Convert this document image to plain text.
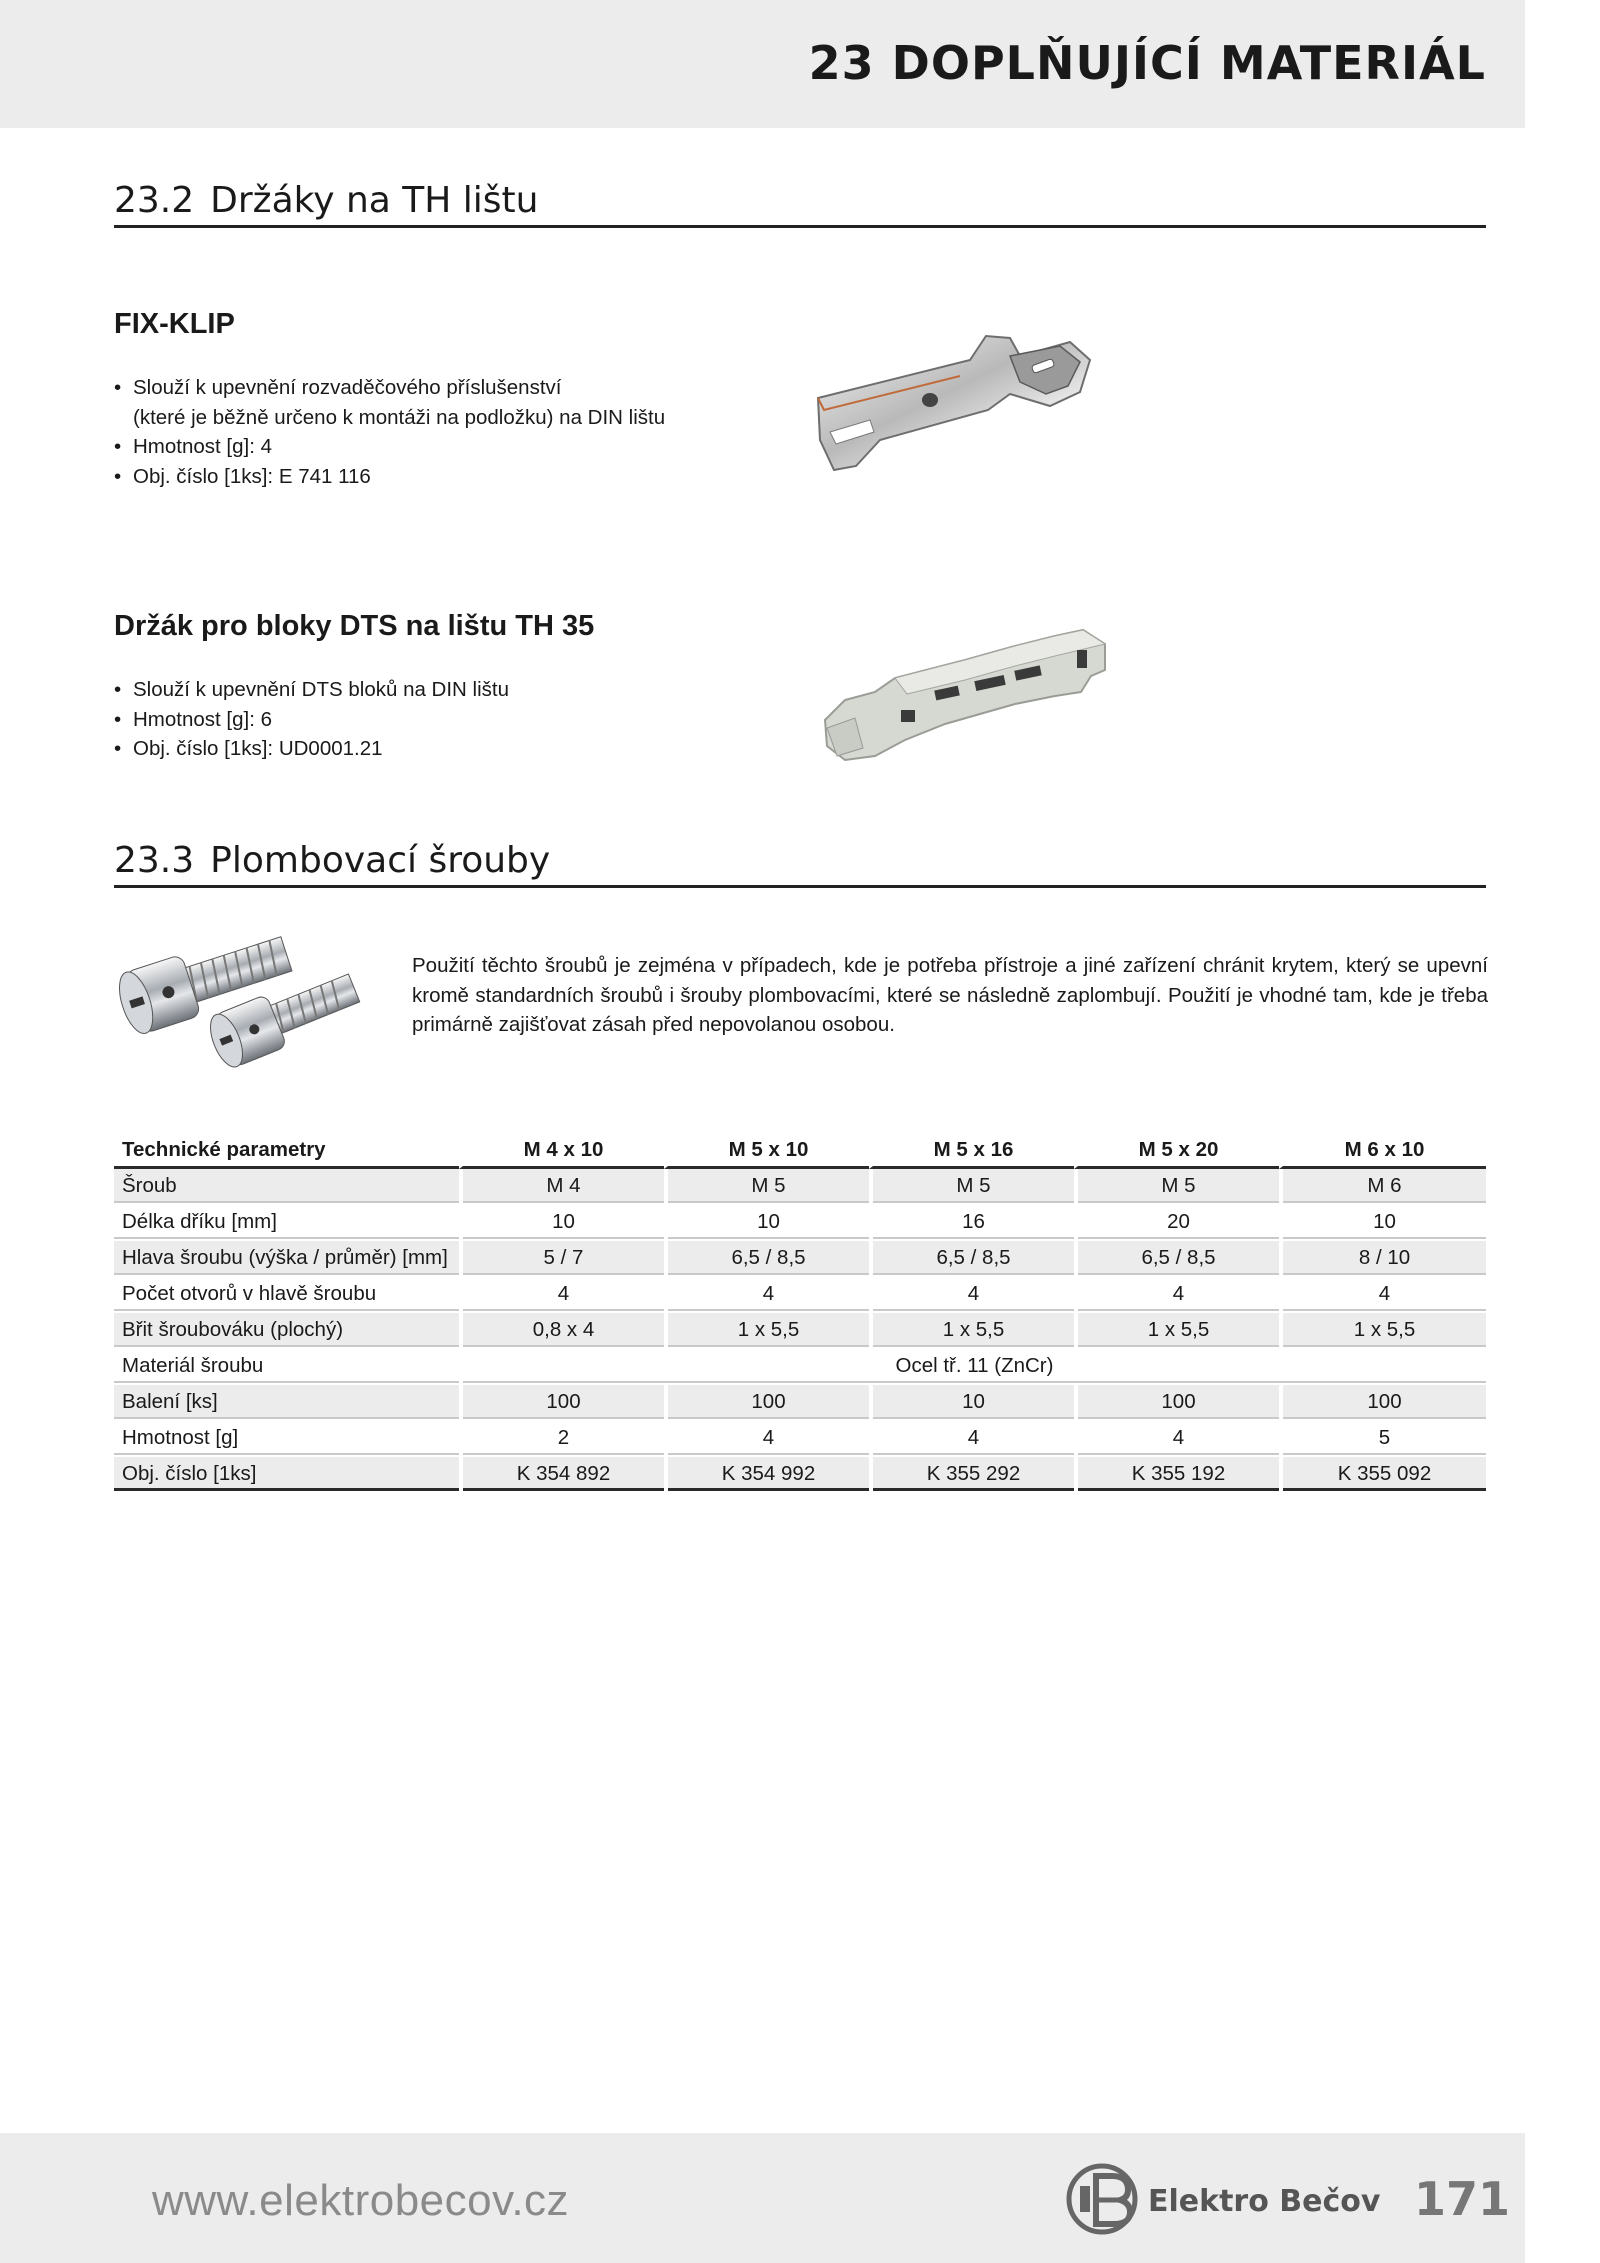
23 DOPLŇUJÍCÍ MATERIÁL
23.2 Držáky na TH lištu
FIX-KLIP
• Slouží k upevnění rozvaděčového příslušenství
(které je běžně určeno k montáži na podložku) na DIN lištu
• Hmotnost [g]: 4
• Obj. číslo [1ks]: E 741 116
Držák pro bloky DTS na lištu TH 35
• Slouží k upevnění DTS bloků na DIN lištu
• Hmotnost [g]: 6
• Obj. číslo [1ks]: UD0001.21
23.3 Plombovací šrouby
Použití těchto šroubů je zejména v případech, kde je potřeba přístroje a jiné zařízení chránit krytem, který se upevní kromě standardních šroubů i šrouby plombovacími, které se následně zaplombují. Použití je vhodné tam, kde je třeba primárně zajišťovat zásah před nepovolanou osobou.
Technické parametry	M 4 x 10	M 5 x 10	M 5 x 16	M 5 x 20	M 6 x 10
Šroub	M 4	M 5	M 5	M 5	M 6
Délka dříku [mm]	10	10	16	20	10
Hlava šroubu (výška / průměr) [mm]	5 / 7	6,5 / 8,5	6,5 / 8,5	6,5 / 8,5	8 / 10
Počet otvorů v hlavě šroubu	4	4	4	4	4
Břit šroubováku (plochý)	0,8 x 4	1 x 5,5	1 x 5,5	1 x 5,5	1 x 5,5
Materiál šroubu	Ocel tř. 11 (ZnCr)				
Balení [ks]	100	100	10	100	100
Hmotnost [g]	2	4	4	4	5
Obj. číslo [1ks]	K 354 892	K 354 992	K 355 292	K 355 192	K 355 092
www.elektrobecov.cz	Elektro Bečov 171
